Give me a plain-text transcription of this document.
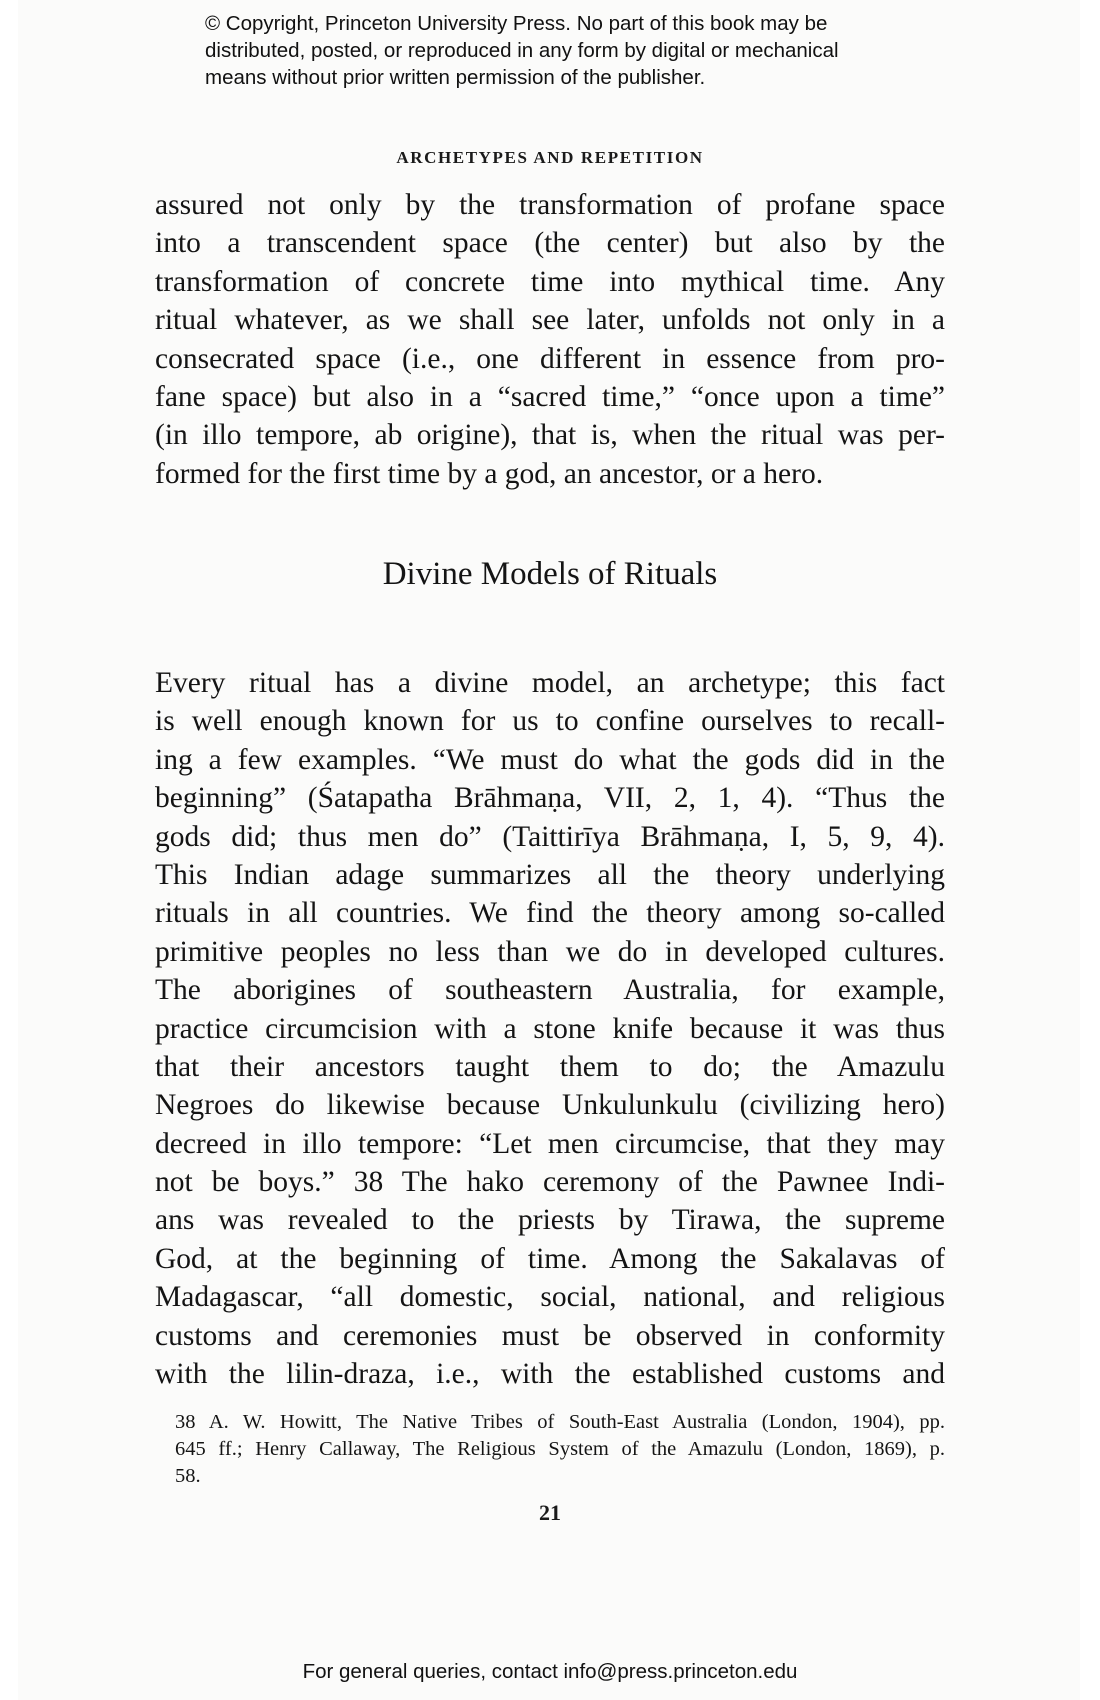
© Copyright, Princeton University Press. No part of this book may be
distributed, posted, or reproduced in any form by digital or mechanical
means without prior written permission of the publisher.
ARCHETYPES AND REPETITION
assured not only by the transformation of profane space
into a transcendent space (the center) but also by the
transformation of concrete time into mythical time. Any
ritual whatever, as we shall see later, unfolds not only in a
consecrated space (i.e., one different in essence from pro-
fane space) but also in a “sacred time,” “once upon a time”
(in illo tempore, ab origine), that is, when the ritual was per-
formed for the first time by a god, an ancestor, or a hero.
Divine Models of Rituals
Every ritual has a divine model, an archetype; this fact
is well enough known for us to confine ourselves to recall-
ing a few examples. “We must do what the gods did in the
beginning” (Śatapatha Brāhmaṇa, VII, 2, 1, 4). “Thus the
gods did; thus men do” (Taittirīya Brāhmaṇa, I, 5, 9, 4).
This Indian adage summarizes all the theory underlying
rituals in all countries. We find the theory among so-called
primitive peoples no less than we do in developed cultures.
The aborigines of southeastern Australia, for example,
practice circumcision with a stone knife because it was thus
that their ancestors taught them to do; the Amazulu
Negroes do likewise because Unkulunkulu (civilizing hero)
decreed in illo tempore: “Let men circumcise, that they may
not be boys.” 38 The hako ceremony of the Pawnee Indi-
ans was revealed to the priests by Tirawa, the supreme
God, at the beginning of time. Among the Sakalavas of
Madagascar, “all domestic, social, national, and religious
customs and ceremonies must be observed in conformity
with the lilin-draza, i.e., with the established customs and
38 A. W. Howitt, The Native Tribes of South-East Australia (London, 1904), pp.
645 ff.; Henry Callaway, The Religious System of the Amazulu (London, 1869), p.
58.
21
For general queries, contact info@press.princeton.edu
